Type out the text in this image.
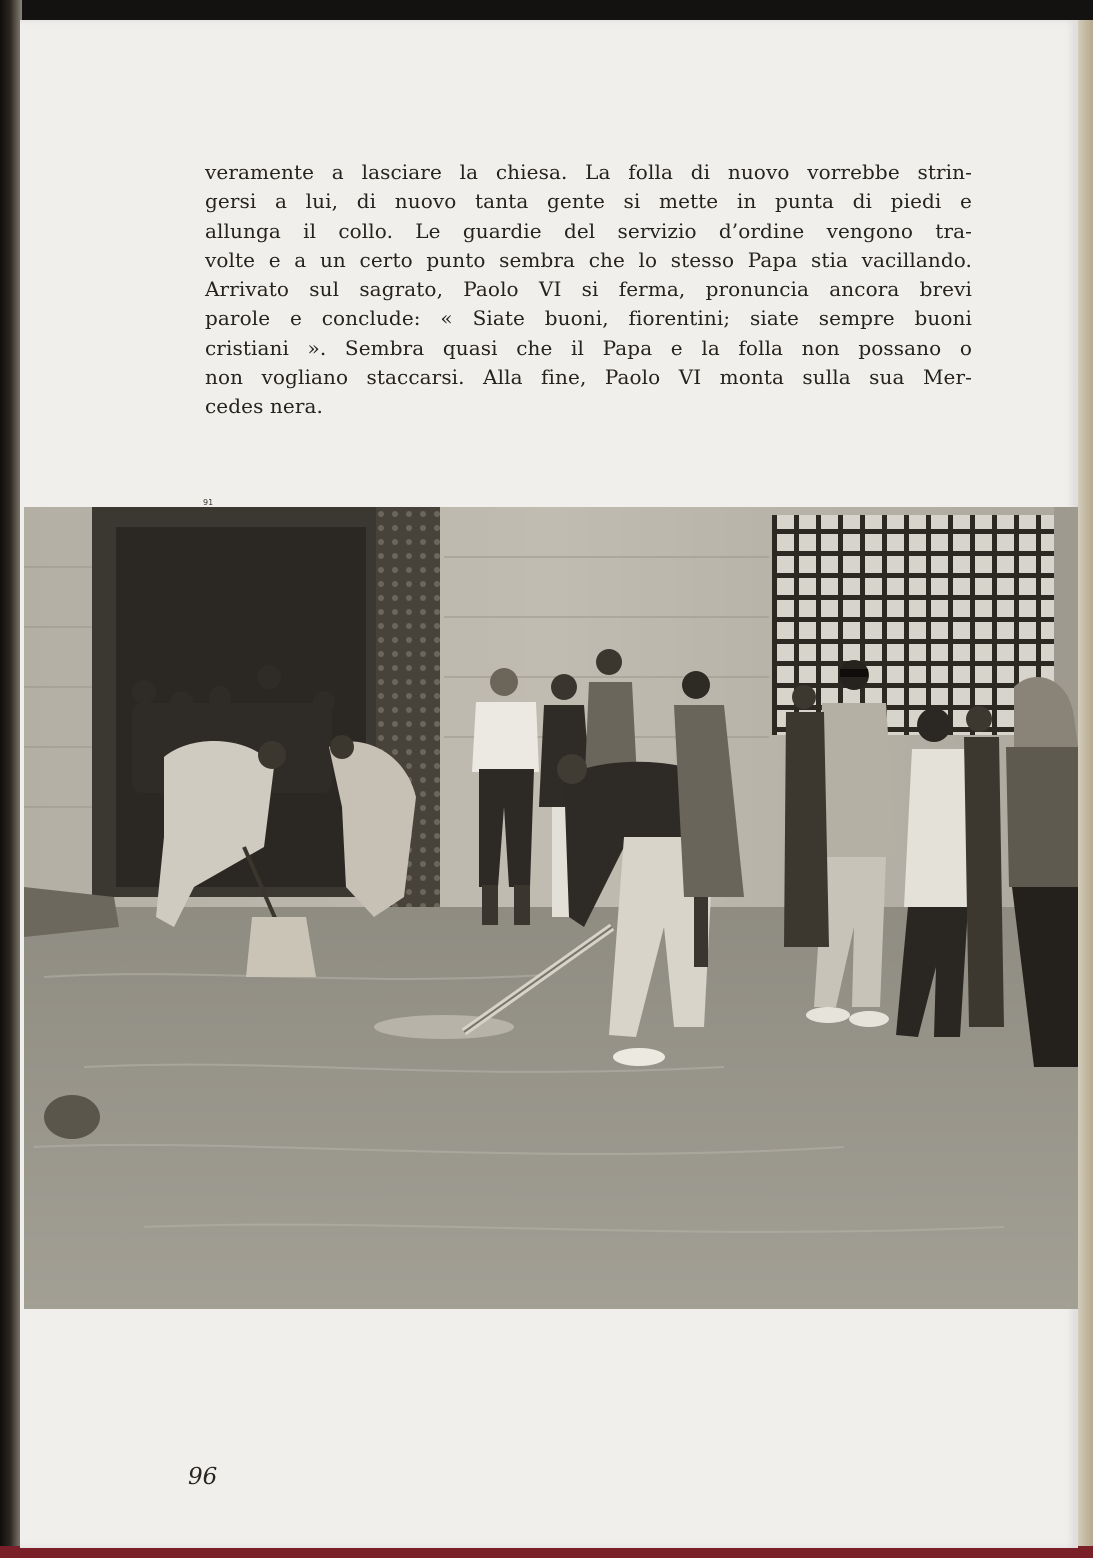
veramente a lasciare la chiesa. La folla di nuovo vorrebbe strin-
gersi a lui, di nuovo tanta gente si mette in punta di piedi e
allunga il collo. Le guardie del servizio d’ordine vengono tra-
volte e a un certo punto sembra che lo stesso Papa stia vacillando.
Arrivato sul sagrato, Paolo VI si ferma, pronuncia ancora brevi
parole e conclude: « Siate buoni, fiorentini; siate sempre buoni
cristiani ». Sembra quasi che il Papa e la folla non possano o
non vogliano staccarsi. Alla fine, Paolo VI monta sulla sua Mer-
cedes nera.

91
96
